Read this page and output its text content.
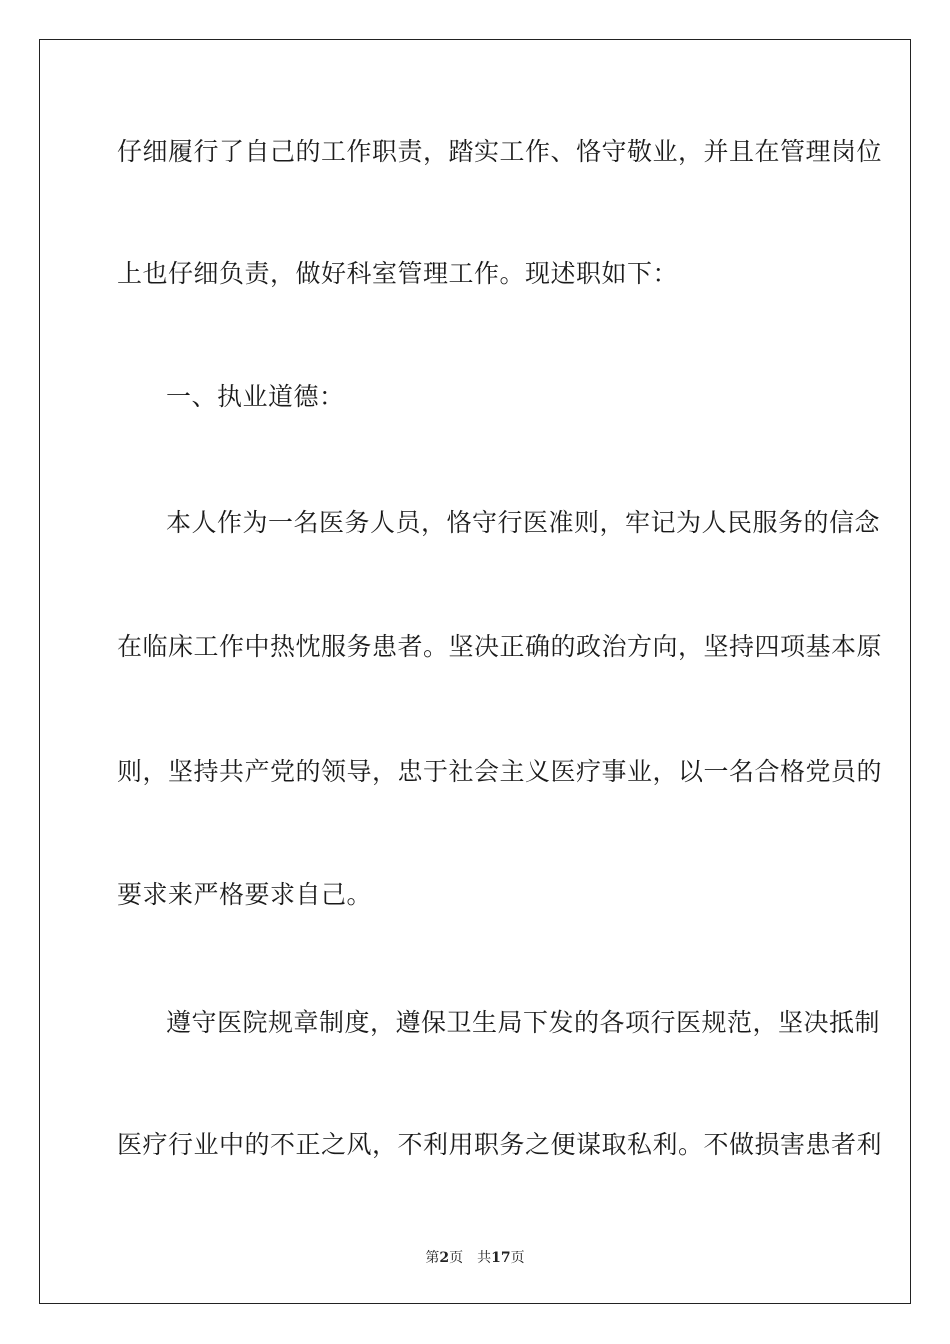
仔细履行了自己的工作职责，踏实工作、恪守敬业，并且在管理岗位
上也仔细负责，做好科室管理工作。现述职如下：
一、执业道德：
本人作为一名医务人员，恪守行医准则，牢记为人民服务的信念
在临床工作中热忱服务患者。坚决正确的政治方向，坚持四项基本原
则，坚持共产党的领导，忠于社会主义医疗事业，以一名合格党员的
要求来严格要求自己。
遵守医院规章制度，遵保卫生局下发的各项行医规范，坚决抵制
医疗行业中的不正之风，不利用职务之便谋取私利。不做损害患者利
第2页 共17页
